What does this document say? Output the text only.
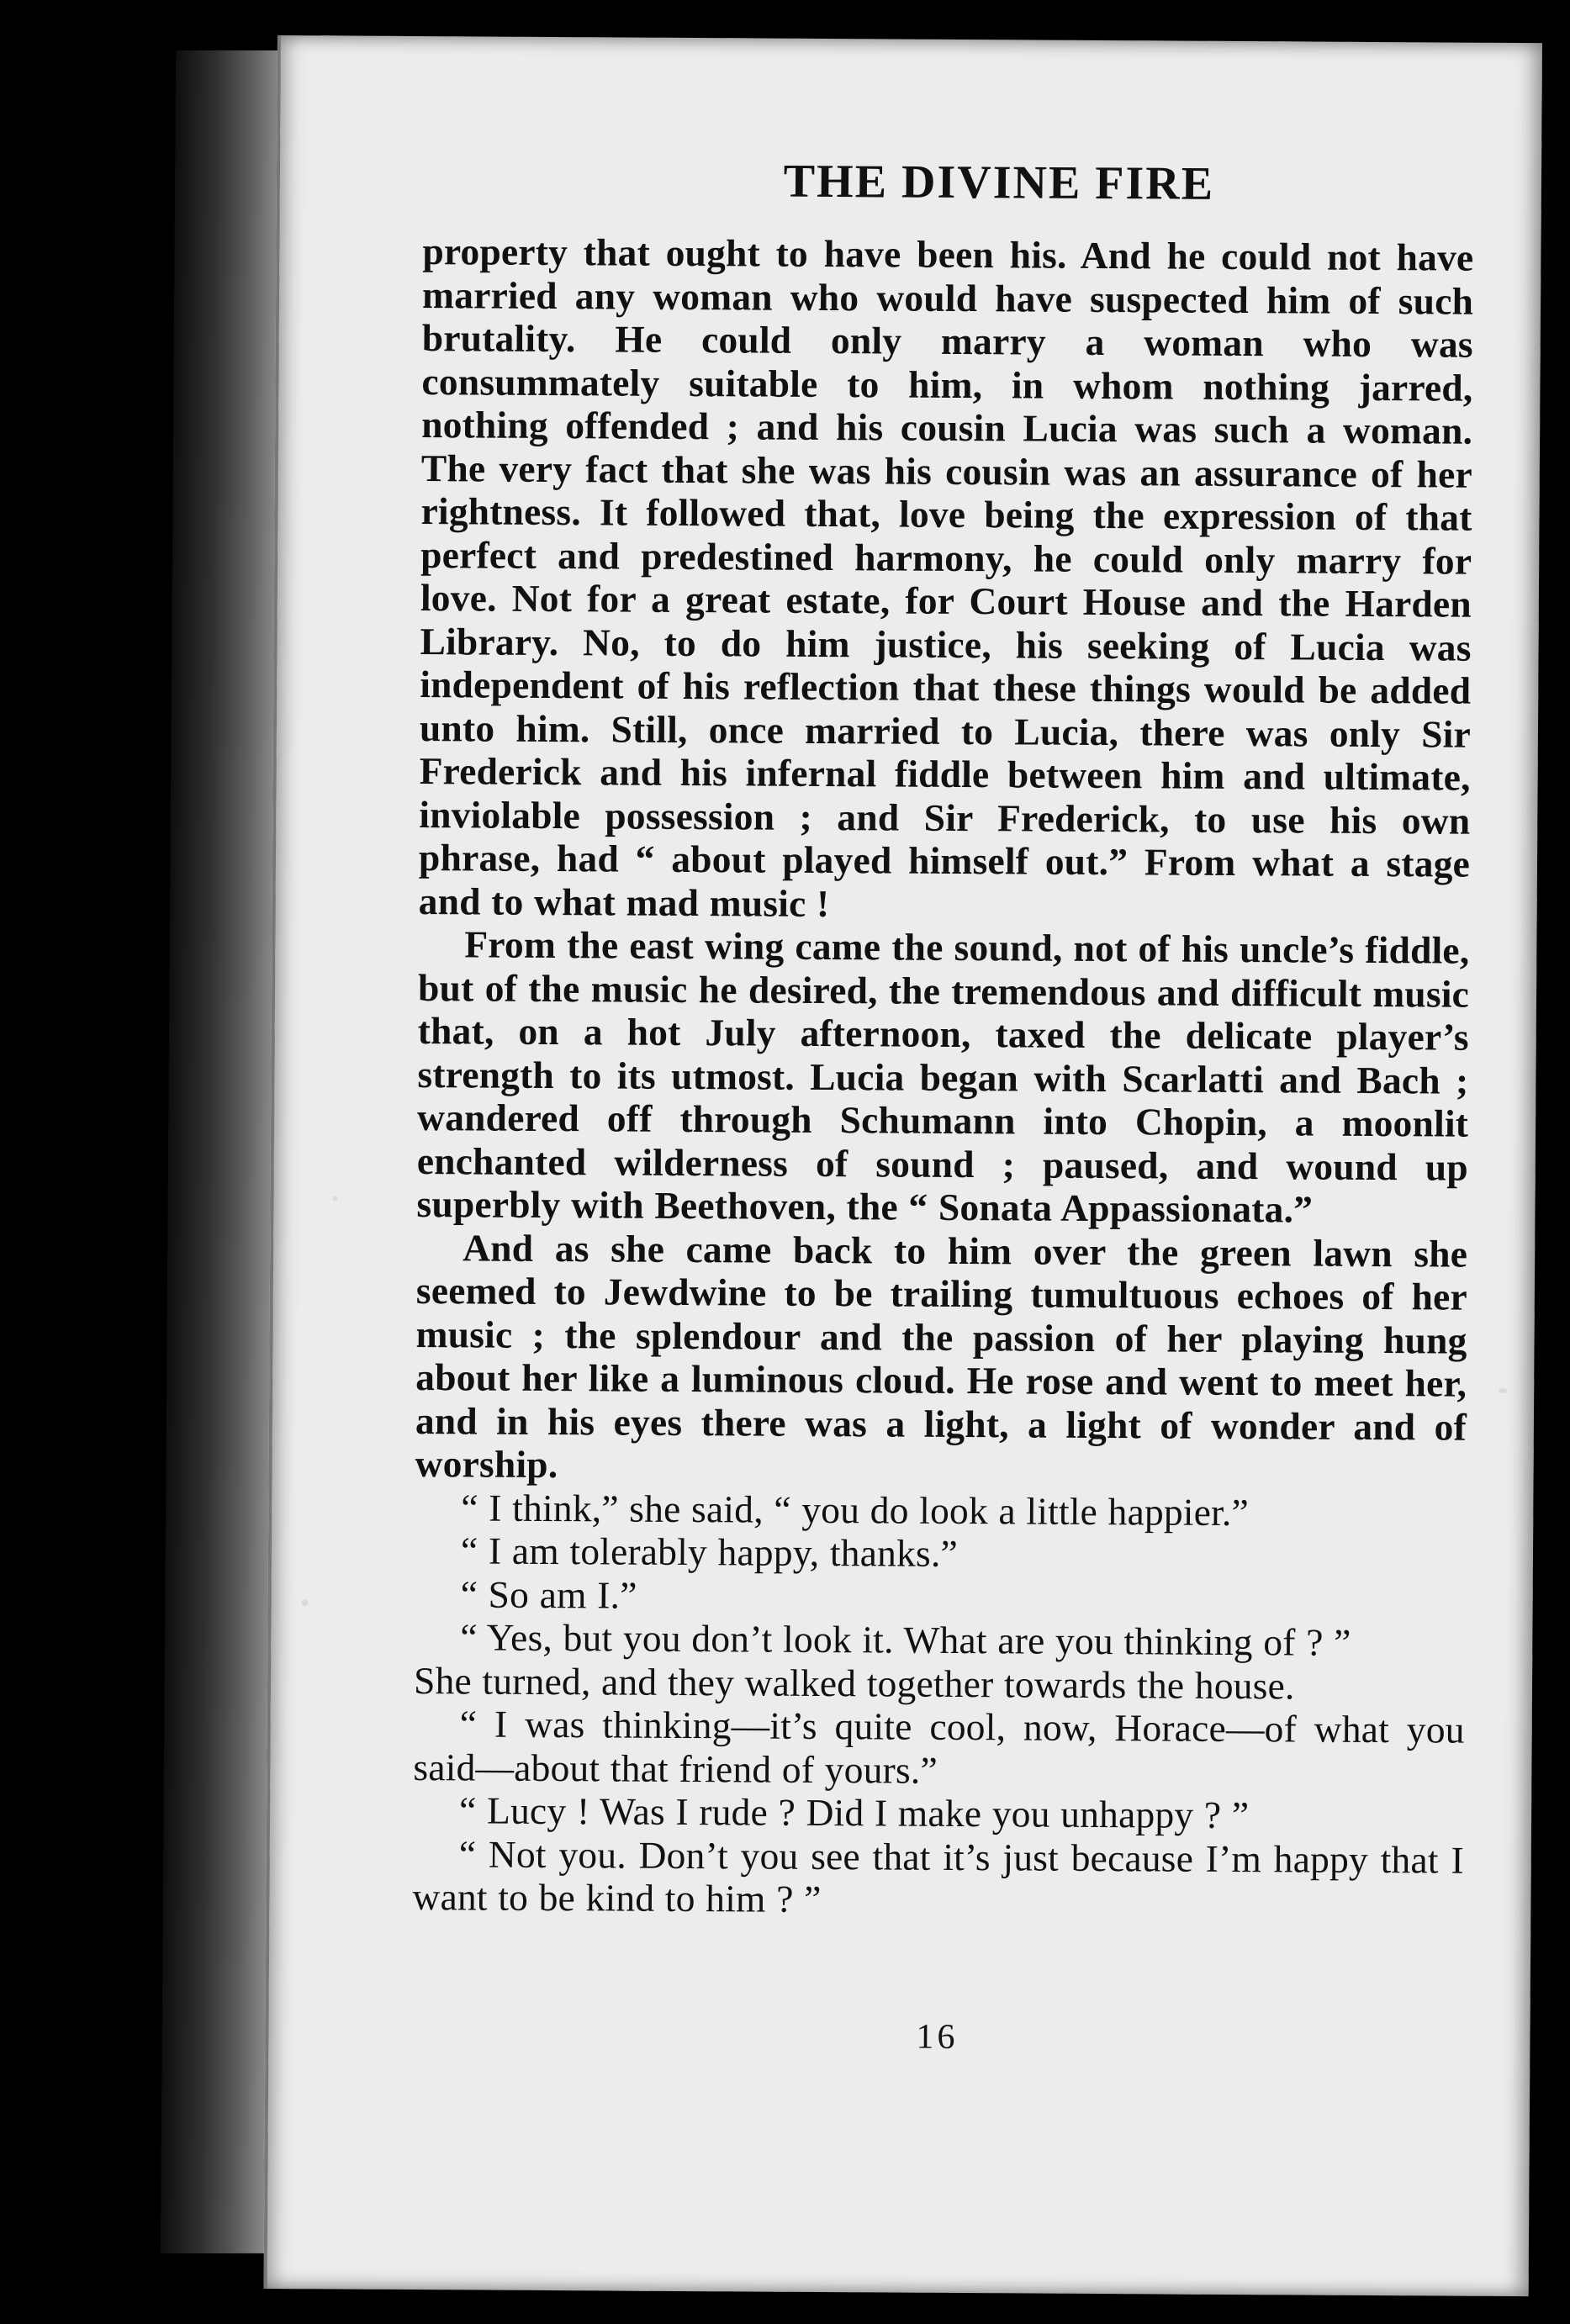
THE DIVINE FIRE

property that ought to have been his. And he could not have married any woman who would have suspected him of such brutality. He could only marry a woman who was consummately suitable to him, in whom nothing jarred, nothing offended ; and his cousin Lucia was such a woman. The very fact that she was his cousin was an assurance of her rightness. It followed that, love being the expression of that perfect and predestined harmony, he could only marry for love. Not for a great estate, for Court House and the Harden Library. No, to do him justice, his seeking of Lucia was independent of his reflection that these things would be added unto him. Still, once married to Lucia, there was only Sir Frederick and his infernal fiddle between him and ultimate, inviolable possession ; and Sir Frederick, to use his own phrase, had “ about played himself out.” From what a stage and to what mad music !

From the east wing came the sound, not of his uncle’s fiddle, but of the music he desired, the tremendous and difficult music that, on a hot July afternoon, taxed the delicate player’s strength to its utmost. Lucia began with Scarlatti and Bach ; wandered off through Schumann into Chopin, a moonlit enchanted wilderness of sound ; paused, and wound up superbly with Beethoven, the “ Sonata Appassionata.”

And as she came back to him over the green lawn she seemed to Jewdwine to be trailing tumultuous echoes of her music ; the splendour and the passion of her playing hung about her like a luminous cloud. He rose and went to meet her, and in his eyes there was a light, a light of wonder and of worship.

“ I think,” she said, “ you do look a little happier.”

“ I am tolerably happy, thanks.”

“ So am I.”

“ Yes, but you don’t look it. What are you thinking of ? ”

She turned, and they walked together towards the house.

“ I was thinking—it’s quite cool, now, Horace—of what you said—about that friend of yours.”

“ Lucy ! Was I rude ? Did I make you unhappy ? ”

“ Not you. Don’t you see that it’s just because I’m happy that I want to be kind to him ? ”

16
